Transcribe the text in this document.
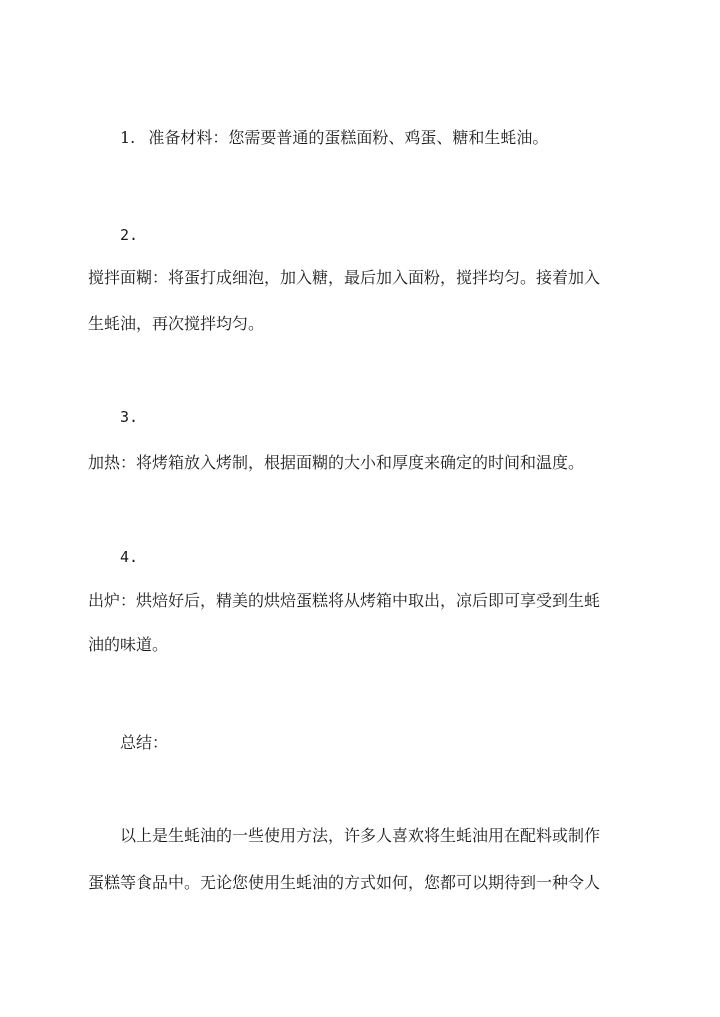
1. 准备材料：您需要普通的蛋糕面粉、鸡蛋、糖和生蚝油。
2.
搅拌面糊：将蛋打成细泡，加入糖，最后加入面粉，搅拌均匀。接着加入
生蚝油，再次搅拌均匀。
3.
加热：将烤箱放入烤制，根据面糊的大小和厚度来确定的时间和温度。
4.
出炉：烘焙好后，精美的烘焙蛋糕将从烤箱中取出，凉后即可享受到生蚝
油的味道。
总结：
以上是生蚝油的一些使用方法，许多人喜欢将生蚝油用在配料或制作
蛋糕等食品中。无论您使用生蚝油的方式如何，您都可以期待到一种令人
